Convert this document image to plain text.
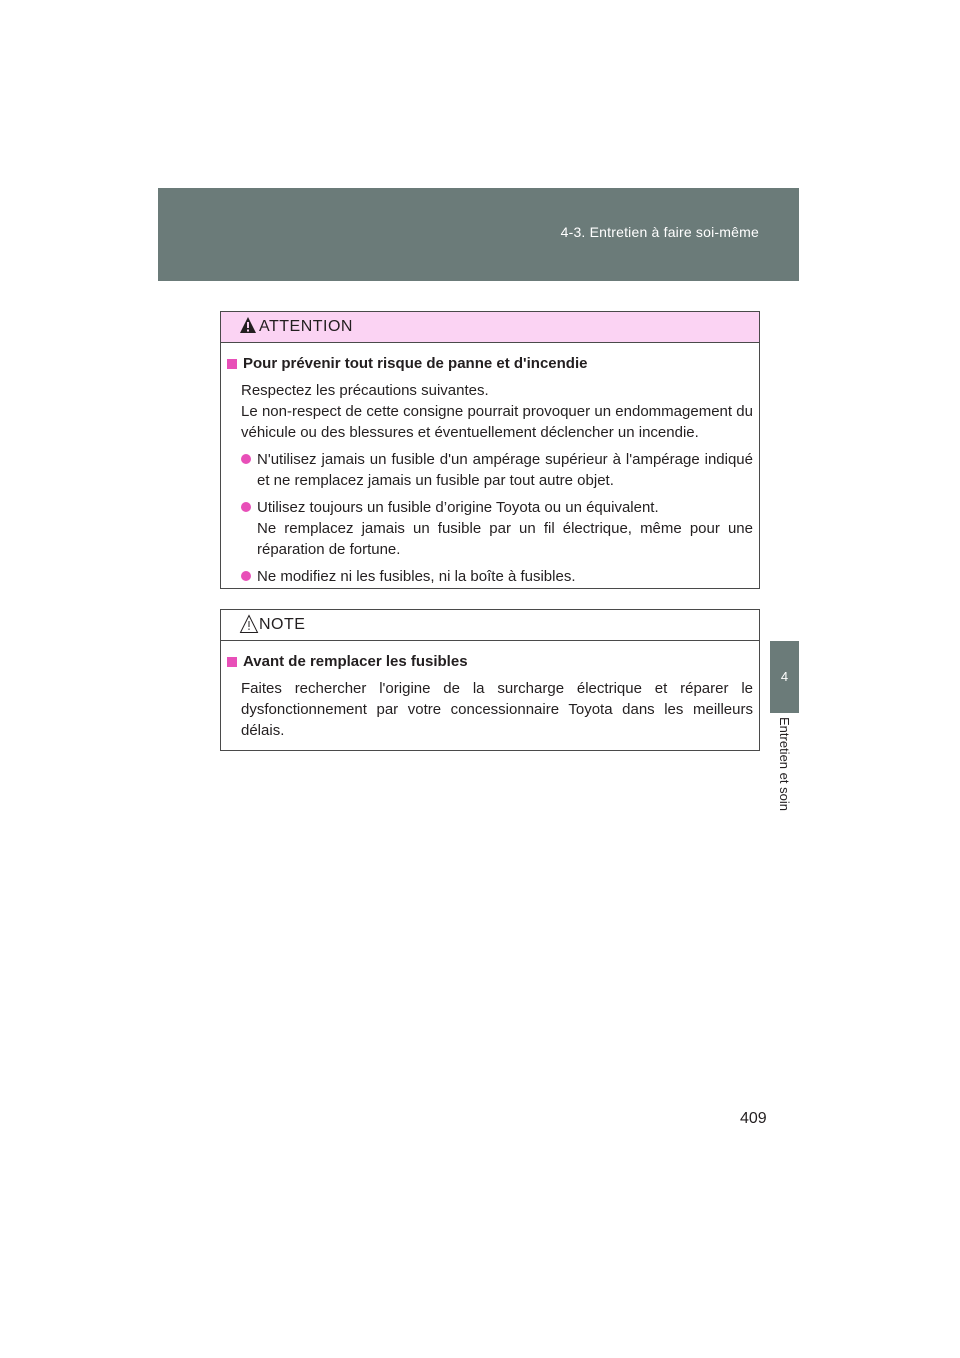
4-3. Entretien à faire soi-même
4
Entretien et soin
ATTENTION
Pour prévenir tout risque de panne et d'incendie
Respectez les précautions suivantes.
Le non-respect de cette consigne pourrait provoquer un endommagement du véhicule ou des blessures et éventuellement déclencher un incendie.
N'utilisez jamais un fusible d'un ampérage supérieur à l'ampérage indiqué et ne remplacez jamais un fusible par tout autre objet.
Utilisez toujours un fusible d’origine Toyota ou un équivalent.
Ne remplacez jamais un fusible par un fil électrique, même pour une réparation de fortune.
Ne modifiez ni les fusibles, ni la boîte à fusibles.
NOTE
Avant de remplacer les fusibles
Faites rechercher l'origine de la surcharge électrique et réparer le dysfonctionnement par votre concessionnaire Toyota dans les meilleurs délais.
409
